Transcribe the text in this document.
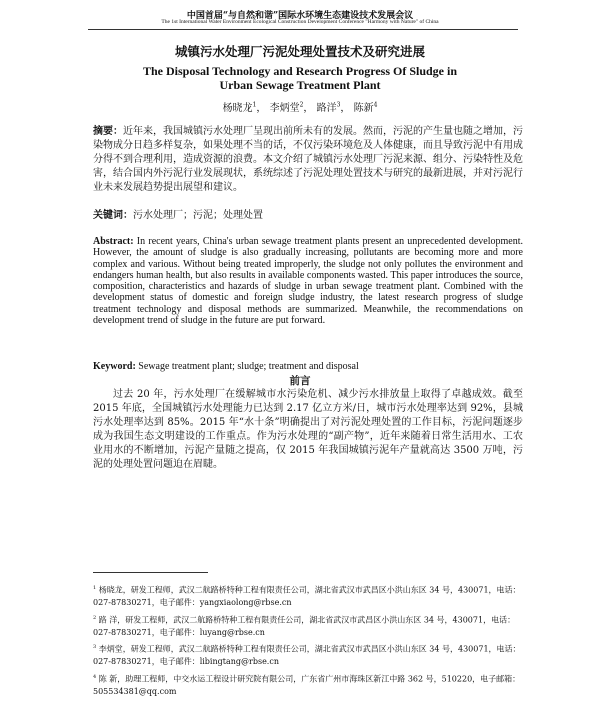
中国首届“与自然和谐”国际水环境生态建设技术发展会议
The 1st International Water Environment Ecological Construction Development Conference "Harmony with Nature" of China
城镇污水处理厂污泥处理处置技术及研究进展
The Disposal Technology and Research Progress Of Sludge in
Urban Sewage Treatment Plant
杨晓龙$^1$， 李炳堂$^2$， 路洋$^3$， 陈新$^4$
摘要：近年来，我国城镇污水处理厂呈现出前所未有的发展。然而，污泥的产生量也随之增加，污染物成分日趋多样复杂，如果处理不当的话，不仅污染环境危及人体健康，而且导致污泥中有用成分得不到合理利用，造成资源的浪费。本文介绍了城镇污水处理厂污泥来源、组分、污染特性及危害，结合国内外污泥行业发展现状，系统综述了污泥处理处置技术与研究的最新进展，并对污泥行业未来发展趋势提出展望和建议。
关键词：污水处理厂；污泥；处理处置
Abstract: In recent years, China's urban sewage treatment plants present an unprecedented development. However, the amount of sludge is also gradually increasing, pollutants are becoming more and more complex and various. Without being treated improperly, the sludge not only pollutes the environment and endangers human health, but also results in available components wasted. This paper introduces the source, composition, characteristics and hazards of sludge in urban sewage treatment plant. Combined with the development status of domestic and foreign sludge industry, the latest research progress of sludge treatment technology and disposal methods are summarized. Meanwhile, the recommendations on development trend of sludge in the future are put forward.
Keyword: Sewage treatment plant; sludge; treatment and disposal
前言
过去 20 年，污水处理厂在缓解城市水污染危机、减少污水排放量上取得了卓越成效。截至 2015 年底，全国城镇污水处理能力已达到 2.17 亿立方米/日，城市污水处理率达到 92%，县城污水处理率达到 85%。2015 年“水十条”明确提出了对污泥处理处置的工作目标，污泥问题逐步成为我国生态文明建设的工作重点。作为污水处理的“副产物”，近年来随着日常生活用水、工农业用水的不断增加，污泥产量随之提高，仅 2015 年我国城镇污泥年产量就高达 3500 万吨，污泥的处理处置问题迫在眉睫。
$^1$ 杨晓龙，研发工程师，武汉二航路桥特种工程有限责任公司，湖北省武汉市武昌区小洪山东区 34 号，430071，电话：027-87830271，电子邮件：yangxiaolong@rbse.cn
$^2$ 路 洋，研发工程师，武汉二航路桥特种工程有限责任公司，湖北省武汉市武昌区小洪山东区 34 号，430071，电话：027-87830271，电子邮件：luyang@rbse.cn
$^3$ 李炳堂，研发工程师，武汉二航路桥特种工程有限责任公司，湖北省武汉市武昌区小洪山东区 34 号，430071，电话：027-87830271，电子邮件：libingtang@rbse.cn
$^4$ 陈 新，助理工程师，中交水运工程设计研究院有限公司，广东省广州市海珠区新江中路 362 号，510220，电子邮箱：505534381@qq.com
